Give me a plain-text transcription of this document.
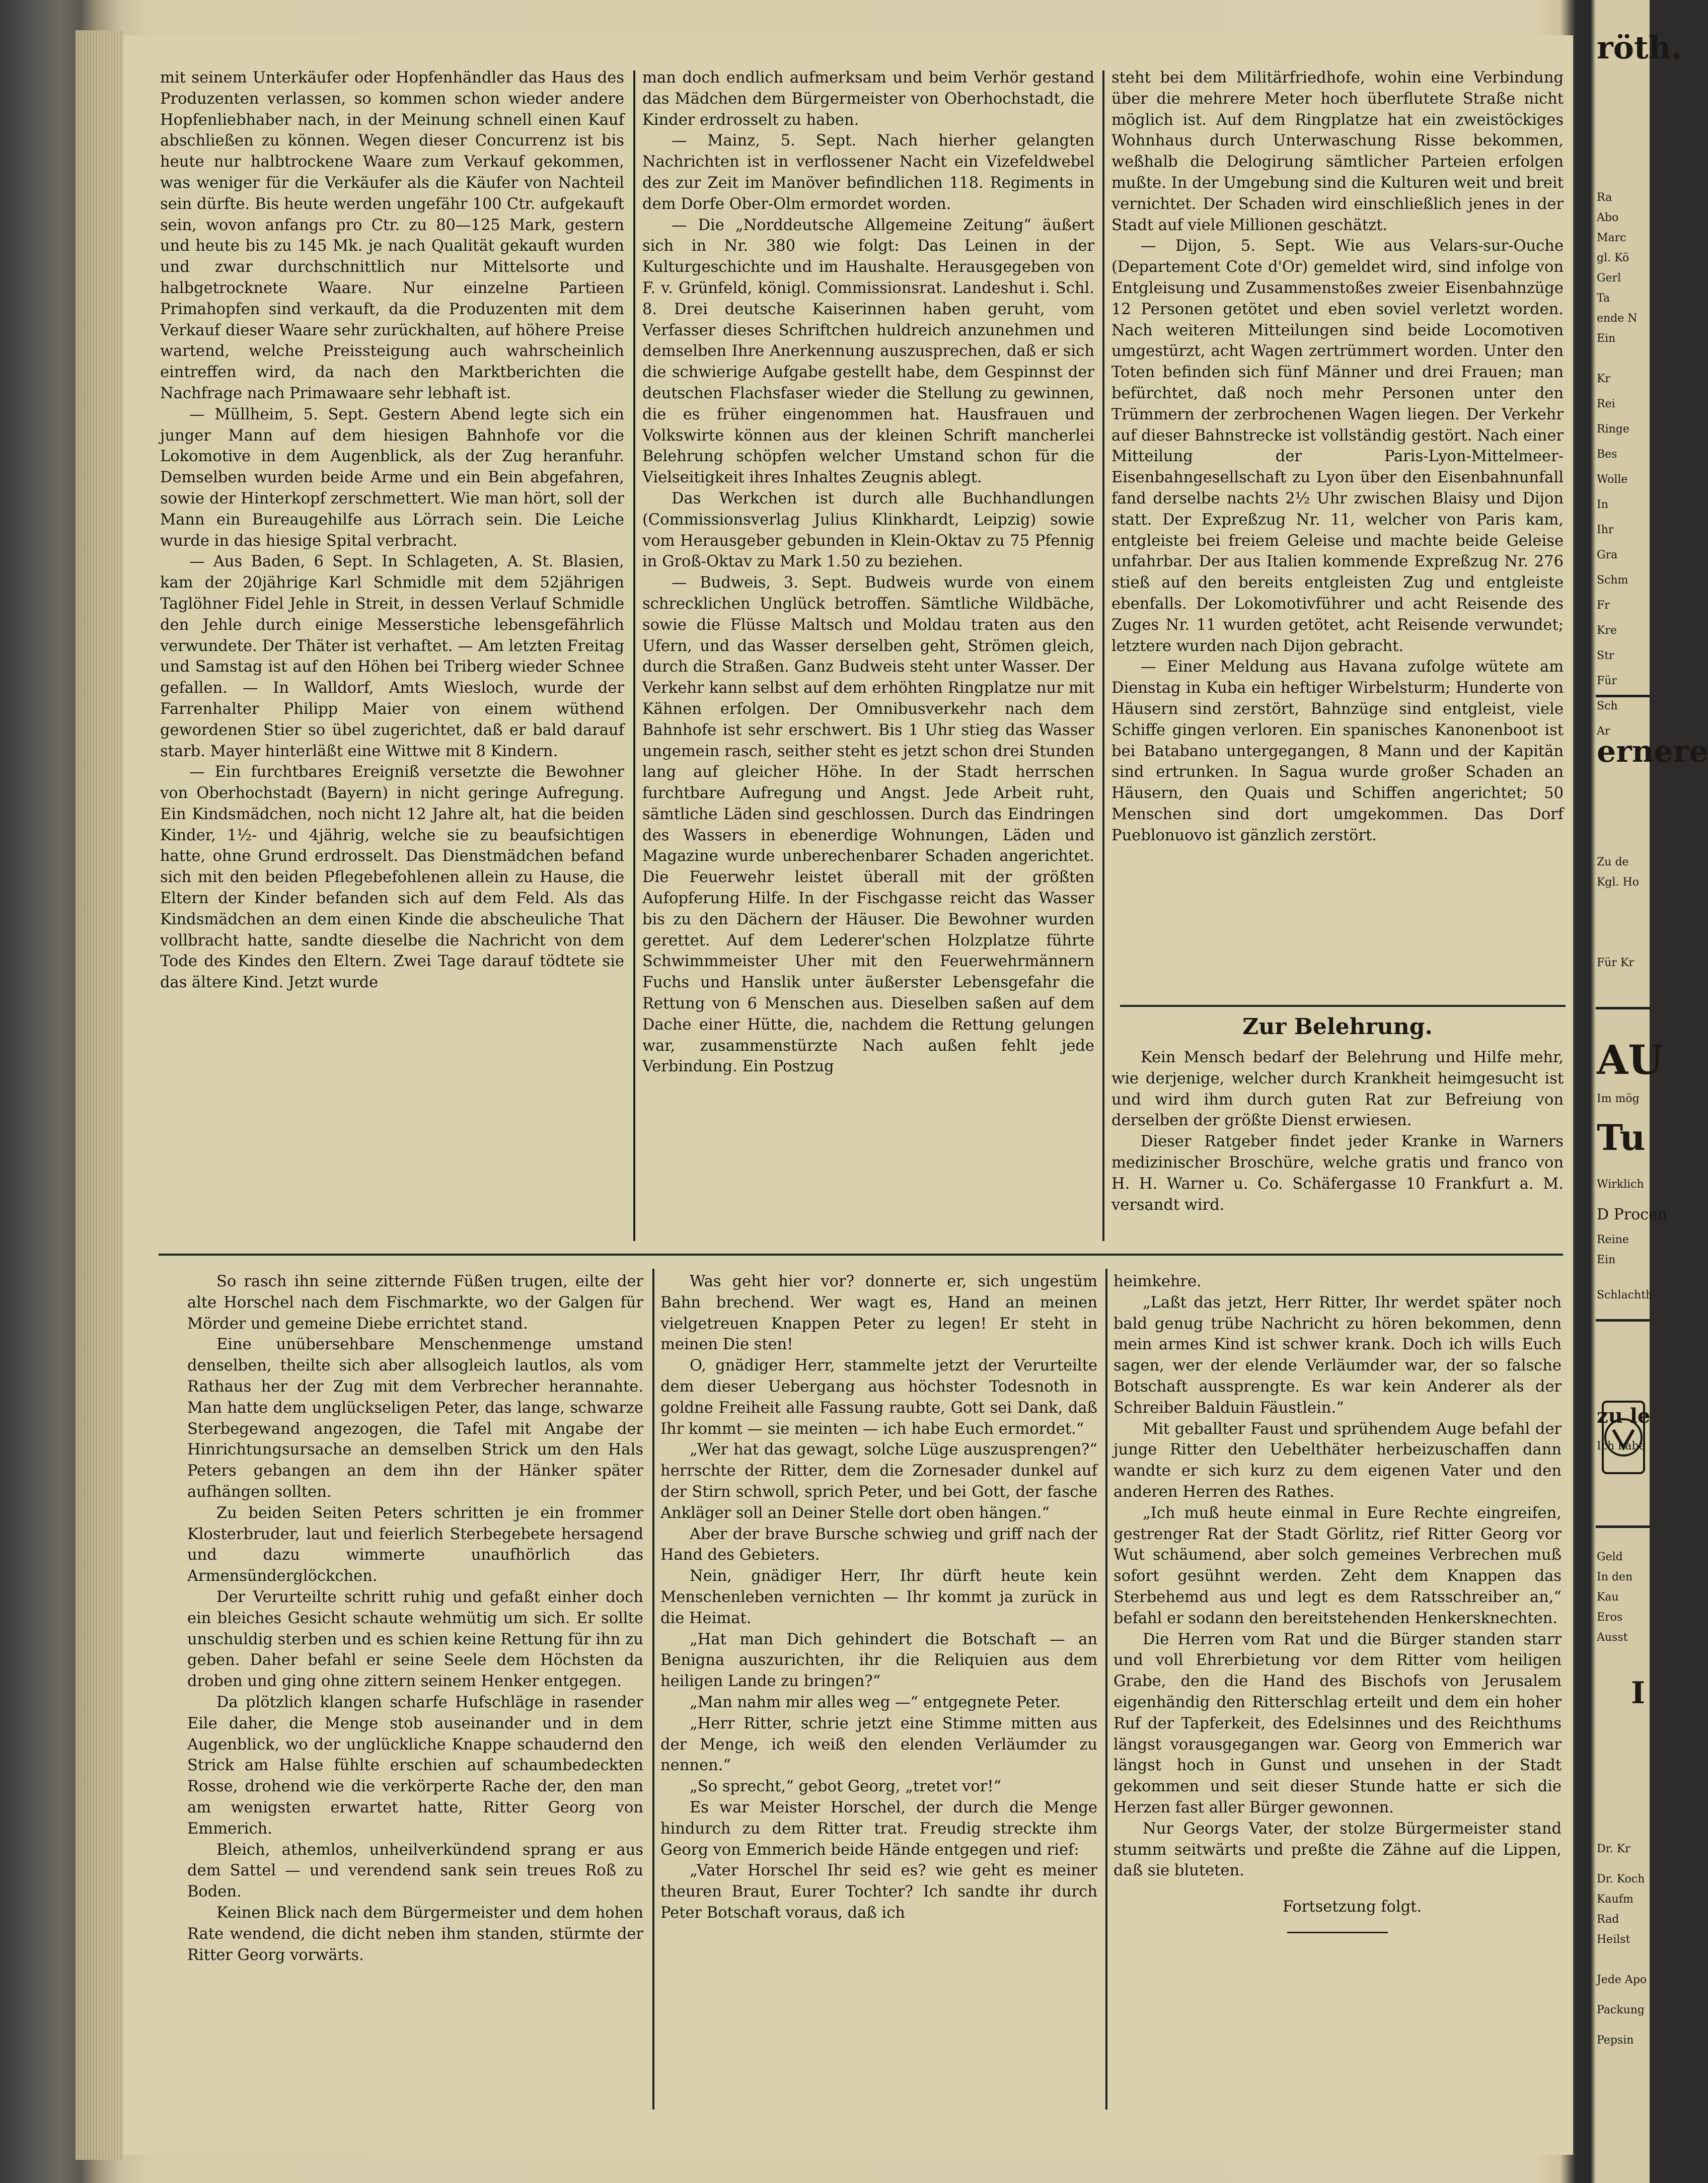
mit seinem Unterkäufer oder Hopfenhändler das Haus des Produzenten verlassen, so kommen schon wieder andere Hopfenliebhaber nach, in der Meinung schnell einen Kauf abschließen zu können. Wegen dieser Concurrenz ist bis heute nur halbtrockene Waare zum Verkauf gekommen, was weniger für die Verkäufer als die Käufer von Nachteil sein dürfte. Bis heute werden ungefähr 100 Ctr. aufgekauft sein, wovon anfangs pro Ctr. zu 80—125 Mark, gestern und heute bis zu 145 Mk. je nach Qualität gekauft wurden und zwar durchschnittlich nur Mittelsorte und halbgetrocknete Waare. Nur einzelne Partieen Primahopfen sind verkauft, da die Produzenten mit dem Verkauf dieser Waare sehr zurückhalten, auf höhere Preise wartend, welche Preissteigung auch wahrscheinlich eintreffen wird, da nach den Marktberichten die Nachfrage nach Primawaare sehr lebhaft ist.

— Müllheim, 5. Sept. Gestern Abend legte sich ein junger Mann auf dem hiesigen Bahnhofe vor die Lokomotive in dem Augenblick, als der Zug heranfuhr. Demselben wurden beide Arme und ein Bein abgefahren, sowie der Hinterkopf zerschmettert. Wie man hört, soll der Mann ein Bureaugehilfe aus Lörrach sein. Die Leiche wurde in das hiesige Spital verbracht.

— Aus Baden, 6 Sept. In Schlageten, A. St. Blasien, kam der 20jährige Karl Schmidle mit dem 52jährigen Taglöhner Fidel Jehle in Streit, in dessen Verlauf Schmidle den Jehle durch einige Messerstiche lebensgefährlich verwundete. Der Thäter ist verhaftet. — Am letzten Freitag und Samstag ist auf den Höhen bei Triberg wieder Schnee gefallen. — In Walldorf, Amts Wiesloch, wurde der Farrenhalter Philipp Maier von einem wüthend gewordenen Stier so übel zugerichtet, daß er bald darauf starb. Mayer hinterläßt eine Wittwe mit 8 Kindern.

— Ein furchtbares Ereigniß versetzte die Bewohner von Oberhochstadt (Bayern) in nicht geringe Aufregung. Ein Kindsmädchen, noch nicht 12 Jahre alt, hat die beiden Kinder, 1½- und 4jährig, welche sie zu beaufsichtigen hatte, ohne Grund erdrosselt. Das Dienstmädchen befand sich mit den beiden Pflegebefohlenen allein zu Hause, die Eltern der Kinder befanden sich auf dem Feld. Als das Kindsmädchen an dem einen Kinde die abscheuliche That vollbracht hatte, sandte dieselbe die Nachricht von dem Tode des Kindes den Eltern. Zwei Tage darauf tödtete sie das ältere Kind. Jetzt wurde

man doch endlich aufmerksam und beim Verhör gestand das Mädchen dem Bürgermeister von Oberhochstadt, die Kinder erdrosselt zu haben.

— Mainz, 5. Sept. Nach hierher gelangten Nachrichten ist in verflossener Nacht ein Vizefeldwebel des zur Zeit im Manöver befindlichen 118. Regiments in dem Dorfe Ober-Olm ermordet worden.

— Die „Norddeutsche Allgemeine Zeitung“ äußert sich in Nr. 380 wie folgt: Das Leinen in der Kulturgeschichte und im Haushalte. Herausgegeben von F. v. Grünfeld, königl. Commissionsrat. Landeshut i. Schl. 8. Drei deutsche Kaiserinnen haben geruht, vom Verfasser dieses Schriftchen huldreich anzunehmen und demselben Ihre Anerkennung auszusprechen, daß er sich die schwierige Aufgabe gestellt habe, dem Gespinnst der deutschen Flachsfaser wieder die Stellung zu gewinnen, die es früher eingenommen hat. Hausfrauen und Volkswirte können aus der kleinen Schrift mancherlei Belehrung schöpfen welcher Umstand schon für die Vielseitigkeit ihres Inhaltes Zeugnis ablegt.

Das Werkchen ist durch alle Buchhandlungen (Commissionsverlag Julius Klinkhardt, Leipzig) sowie vom Herausgeber gebunden in Klein-Oktav zu 75 Pfennig in Groß-Oktav zu Mark 1.50 zu beziehen.

— Budweis, 3. Sept. Budweis wurde von einem schrecklichen Unglück betroffen. Sämtliche Wildbäche, sowie die Flüsse Maltsch und Moldau traten aus den Ufern, und das Wasser derselben geht, Strömen gleich, durch die Straßen. Ganz Budweis steht unter Wasser. Der Verkehr kann selbst auf dem erhöhten Ringplatze nur mit Kähnen erfolgen. Der Omnibusverkehr nach dem Bahnhofe ist sehr erschwert. Bis 1 Uhr stieg das Wasser ungemein rasch, seither steht es jetzt schon drei Stunden lang auf gleicher Höhe. In der Stadt herrschen furchtbare Aufregung und Angst. Jede Arbeit ruht, sämtliche Läden sind geschlossen. Durch das Eindringen des Wassers in ebenerdige Wohnungen, Läden und Magazine wurde unberechenbarer Schaden angerichtet. Die Feuerwehr leistet überall mit der größten Aufopferung Hilfe. In der Fischgasse reicht das Wasser bis zu den Dächern der Häuser. Die Bewohner wurden gerettet. Auf dem Lederer'schen Holzplatze führte Schwimmmeister Uher mit den Feuerwehrmännern Fuchs und Hanslik unter äußerster Lebensgefahr die Rettung von 6 Menschen aus. Dieselben saßen auf dem Dache einer Hütte, die, nachdem die Rettung gelungen war, zusammenstürzte Nach außen fehlt jede Verbindung. Ein Postzug

steht bei dem Militärfriedhofe, wohin eine Verbindung über die mehrere Meter hoch überflutete Straße nicht möglich ist. Auf dem Ringplatze hat ein zweistöckiges Wohnhaus durch Unterwaschung Risse bekommen, weßhalb die Delogirung sämtlicher Parteien erfolgen mußte. In der Umgebung sind die Kulturen weit und breit vernichtet. Der Schaden wird einschließlich jenes in der Stadt auf viele Millionen geschätzt.

— Dijon, 5. Sept. Wie aus Velars-sur-Ouche (Departement Cote d'Or) gemeldet wird, sind infolge von Entgleisung und Zusammenstoßes zweier Eisenbahnzüge 12 Personen getötet und eben soviel verletzt worden. Nach weiteren Mitteilungen sind beide Locomotiven umgestürzt, acht Wagen zertrümmert worden. Unter den Toten befinden sich fünf Männer und drei Frauen; man befürchtet, daß noch mehr Personen unter den Trümmern der zerbrochenen Wagen liegen. Der Verkehr auf dieser Bahnstrecke ist vollständig gestört. Nach einer Mitteilung der Paris-Lyon-Mittelmeer-Eisenbahngesellschaft zu Lyon über den Eisenbahnunfall fand derselbe nachts 2½ Uhr zwischen Blaisy und Dijon statt. Der Expreßzug Nr. 11, welcher von Paris kam, entgleiste bei freiem Geleise und machte beide Geleise unfahrbar. Der aus Italien kommende Expreßzug Nr. 276 stieß auf den bereits entgleisten Zug und entgleiste ebenfalls. Der Lokomotivführer und acht Reisende des Zuges Nr. 11 wurden getötet, acht Reisende verwundet; letztere wurden nach Dijon gebracht.

— Einer Meldung aus Havana zufolge wütete am Dienstag in Kuba ein heftiger Wirbelsturm; Hunderte von Häusern sind zerstört, Bahnzüge sind entgleist, viele Schiffe gingen verloren. Ein spanisches Kanonenboot ist bei Batabano untergegangen, 8 Mann und der Kapitän sind ertrunken. In Sagua wurde großer Schaden an Häusern, den Quais und Schiffen angerichtet; 50 Menschen sind dort umgekommen. Das Dorf Pueblonuovo ist gänzlich zerstört.

Zur Belehrung.

Kein Mensch bedarf der Belehrung und Hilfe mehr, wie derjenige, welcher durch Krankheit heimgesucht ist und wird ihm durch guten Rat zur Befreiung von derselben der größte Dienst erwiesen.

Dieser Ratgeber findet jeder Kranke in Warners medizinischer Broschüre, welche gratis und franco von H. H. Warner u. Co. Schäfergasse 10 Frankfurt a. M. versandt wird.

So rasch ihn seine zitternde Füßen trugen, eilte der alte Horschel nach dem Fischmarkte, wo der Galgen für Mörder und gemeine Diebe errichtet stand.

Eine unübersehbare Menschenmenge umstand denselben, theilte sich aber allsogleich lautlos, als vom Rathaus her der Zug mit dem Verbrecher herannahte. Man hatte dem unglückseligen Peter, das lange, schwarze Sterbegewand angezogen, die Tafel mit Angabe der Hinrichtungsursache an demselben Strick um den Hals Peters gebangen an dem ihn der Hänker später aufhängen sollten.

Zu beiden Seiten Peters schritten je ein frommer Klosterbruder, laut und feierlich Sterbegebete hersagend und dazu wimmerte unaufhörlich das Armensünderglöckchen.

Der Verurteilte schritt ruhig und gefaßt einher doch ein bleiches Gesicht schaute wehmütig um sich. Er sollte unschuldig sterben und es schien keine Rettung für ihn zu geben. Daher befahl er seine Seele dem Höchsten da droben und ging ohne zittern seinem Henker entgegen.

Da plötzlich klangen scharfe Hufschläge in rasender Eile daher, die Menge stob auseinander und in dem Augenblick, wo der unglückliche Knappe schaudernd den Strick am Halse fühlte erschien auf schaumbedeckten Rosse, drohend wie die verkörperte Rache der, den man am wenigsten erwartet hatte, Ritter Georg von Emmerich.

Bleich, athemlos, unheilverkündend sprang er aus dem Sattel — und verendend sank sein treues Roß zu Boden.

Keinen Blick nach dem Bürgermeister und dem hohen Rate wendend, die dicht neben ihm standen, stürmte der Ritter Georg vorwärts.

Was geht hier vor? donnerte er, sich ungestüm Bahn brechend. Wer wagt es, Hand an meinen vielgetreuen Knappen Peter zu legen! Er steht in meinen Die sten!

O, gnädiger Herr, stammelte jetzt der Verurteilte dem dieser Uebergang aus höchster Todesnoth in goldne Freiheit alle Fassung raubte, Gott sei Dank, daß Ihr kommt — sie meinten — ich habe Euch ermordet.“

„Wer hat das gewagt, solche Lüge auszusprengen?“ herrschte der Ritter, dem die Zornesader dunkel auf der Stirn schwoll, sprich Peter, und bei Gott, der fasche Ankläger soll an Deiner Stelle dort oben hängen.“

Aber der brave Bursche schwieg und griff nach der Hand des Gebieters.

Nein, gnädiger Herr, Ihr dürft heute kein Menschenleben vernichten — Ihr kommt ja zurück in die Heimat.

„Hat man Dich gehindert die Botschaft — an Benigna auszurichten, ihr die Reliquien aus dem heiligen Lande zu bringen?“

„Man nahm mir alles weg —“ entgegnete Peter.

„Herr Ritter, schrie jetzt eine Stimme mitten aus der Menge, ich weiß den elenden Verläumder zu nennen.“

„So sprecht,“ gebot Georg, „tretet vor!“

Es war Meister Horschel, der durch die Menge hindurch zu dem Ritter trat. Freudig streckte ihm Georg von Emmerich beide Hände entgegen und rief:

„Vater Horschel Ihr seid es? wie geht es meiner theuren Braut, Eurer Tochter? Ich sandte ihr durch Peter Botschaft voraus, daß ich

heimkehre.

„Laßt das jetzt, Herr Ritter, Ihr werdet später noch bald genug trübe Nachricht zu hören bekommen, denn mein armes Kind ist schwer krank. Doch ich wills Euch sagen, wer der elende Verläumder war, der so falsche Botschaft aussprengte. Es war kein Anderer als der Schreiber Balduin Fäustlein.“

Mit geballter Faust und sprühendem Auge befahl der junge Ritter den Uebelthäter herbeizuschaffen dann wandte er sich kurz zu dem eigenen Vater und den anderen Herren des Rathes.

„Ich muß heute einmal in Eure Rechte eingreifen, gestrenger Rat der Stadt Görlitz, rief Ritter Georg vor Wut schäumend, aber solch gemeines Verbrechen muß sofort gesühnt werden. Zeht dem Knappen das Sterbehemd aus und legt es dem Ratsschreiber an,“ befahl er sodann den bereitstehenden Henkersknechten.

Die Herren vom Rat und die Bürger standen starr und voll Ehrerbietung vor dem Ritter vom heiligen Grabe, den die Hand des Bischofs von Jerusalem eigenhändig den Ritterschlag erteilt und dem ein hoher Ruf der Tapferkeit, des Edelsinnes und des Reichthums längst vorausgegangen war. Georg von Emmerich war längst hoch in Gunst und unsehen in der Stadt gekommen und seit dieser Stunde hatte er sich die Herzen fast aller Bürger gewonnen.

Nur Georgs Vater, der stolze Bürgermeister stand stumm seitwärts und preßte die Zähne auf die Lippen, daß sie bluteten.

Fortsetzung folgt.

röth.
Ra
Abo
Marc
gl. Kö
Gerl
Ta
ende N
Ein
Kr
Rei
Ringe
Bes
Wolle
In
Ihr
Gra
Schm
Fr
Kre
Str
Für
Sch
Ar
ernere
Zu de
Kgl. Ho
Für Kr
AU
Im mög
Tu
Wirklich
D Procen
Reine
Ein
Schlachth
zu le
Ich habe
Geld
In den
Kau
Eros
Ausst
I
Dr. Kr
Dr. Koch
Kaufm
Rad
Heilst
Jede Apo
Packung
Pepsin
